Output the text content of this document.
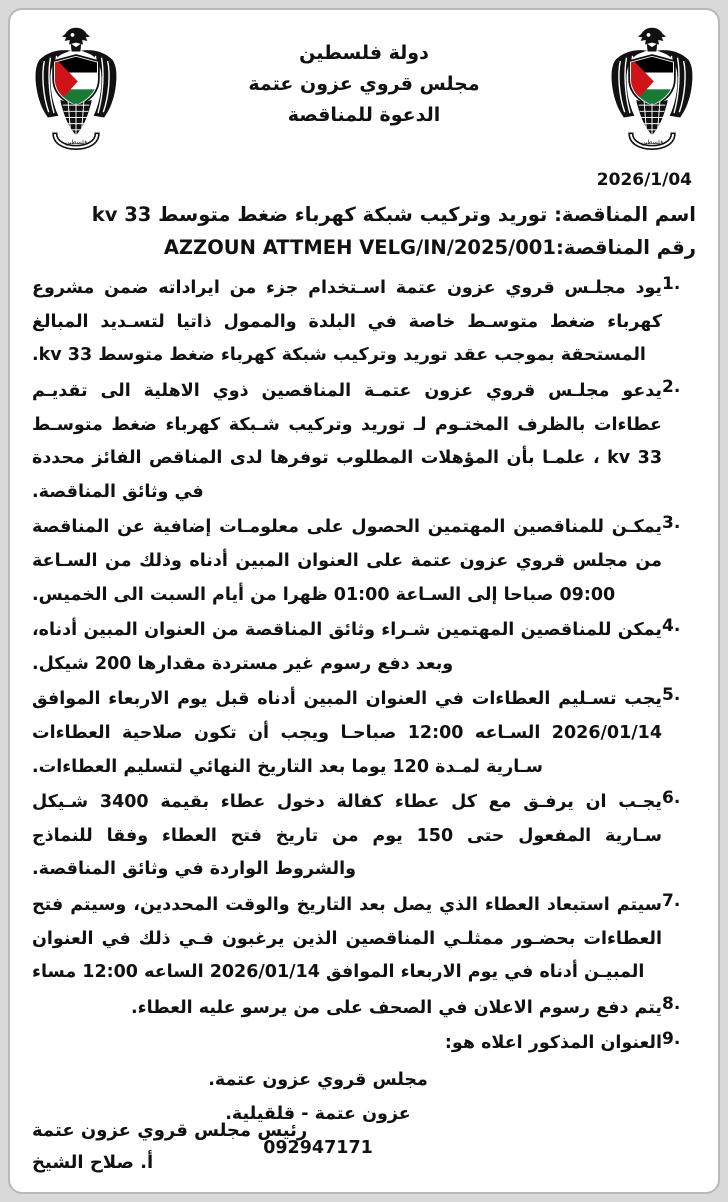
فلسطين
دولة فلسطين
مجلس قروي عزون عتمة
الدعوة للمناقصة
فلسطين
2026/1/04
اسم المناقصة: توريد وتركيب شبكة كهرباء ضغط متوسط kv 33
رقم المناقصة:AZZOUN ATTMEH VELG/IN/2025/001
1.
يود مجلـس قروي عزون عتمة اسـتخدام جزء من ايراداته ضمن مشروع كهرباء ضغط متوسـط خاصة في البلدة والممول ذاتيا لتسـديد المبالغ المستحقة بموجب عقد توريد وتركيب شبكة كهرباء ضغط متوسط 33 kv.
2.
يدعو مجلـس قروي عزون عتمـة المناقصين ذوي الاهلية الى تقديـم عطاءات بالظرف المختـوم لـ توريد وتركيب شـبكة كهرباء ضغط متوسـط 33 kv ، علمـا بأن المؤهلات المطلوب توفرها لدى المناقص الفائز محددة في وثائق المناقصة.
3.
يمكـن للمناقصين المهتمين الحصول على معلومـات إضافية عن المناقصة من مجلس قروي عزون عتمة على العنوان المبين أدناه وذلك من السـاعة 09:00 صباحا إلى السـاعة 01:00 ظهرا من أيام السبت الى الخميس.
4.
يمكن للمناقصين المهتمين شـراء وثائق المناقصة من العنوان المبين أدناه، وبعد دفع رسوم غير مستردة مقدارها 200 شيكل.
5.
يجب تسـليم العطاءات في العنوان المبين أدناه قبل يوم الاربعاء الموافق 2026/01/14 السـاعه 12:00 صباحـا ويجب أن تكون صلاحية العطاءات سـارية لمـدة 120 يوما بعد التاريخ النهائي لتسليم العطاءات.
6.
يجـب ان يرفـق مع كل عطاء كفالة دخول عطاء بقيمة 3400 شـيكل سـارية المفعول حتى 150 يوم من تاريخ فتح العطاء وفقا للنماذج والشروط الواردة في وثائق المناقصة.
7.
سيتم استبعاد العطاء الذي يصل بعد التاريخ والوقت المحددين، وسيتم فتح العطاءات بحضـور ممثلـي المناقصين الذين يرغبون فـي ذلك في العنوان المبيـن أدناه في يوم الاربعاء الموافق 2026/01/14 الساعه 12:00 مساء
8.
يتم دفع رسوم الاعلان في الصحف على من يرسو عليه العطاء.
9.
العنوان المذكور اعلاه هو:
مجلس قروي عزون عتمة.
عزون عتمة - قلقيلية.
092947171
رئيس مجلس قروي عزون عتمة
أ. صلاح الشيخ
